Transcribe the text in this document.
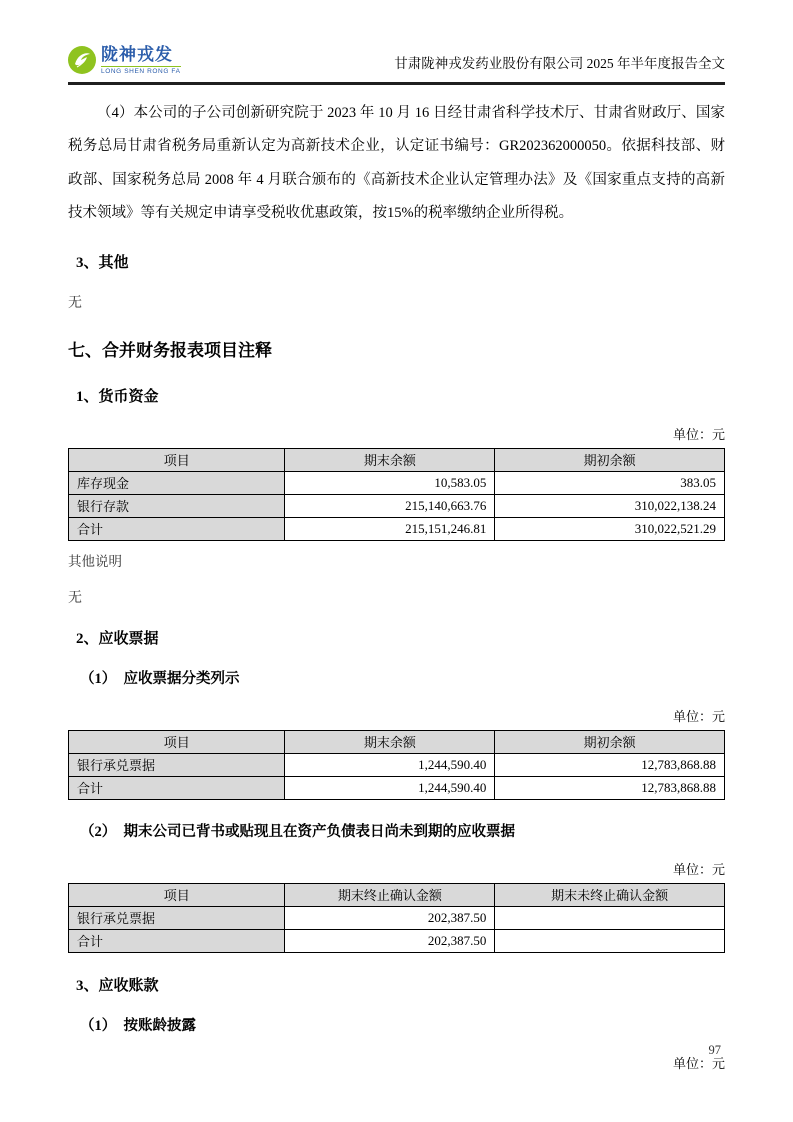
陇神戎发
LONG SHEN RONG FA
甘肃陇神戎发药业股份有限公司 2025 年半年度报告全文

（4）本公司的子公司创新研究院于 2023 年 10 月 16 日经甘肃省科学技术厅、甘肃省财政厅、国家税务总局甘肃省税务局重新认定为高新技术企业，认定证书编号：GR202362000050。依据科技部、财政部、国家税务总局 2008 年 4 月联合颁布的《高新技术企业认定管理办法》及《国家重点支持的高新技术领域》等有关规定申请享受税收优惠政策，按15%的税率缴纳企业所得税。

3、其他
无
七、合并财务报表项目注释
1、货币资金
单位：元
项目	期末余额	期初余额
库存现金	10,583.05	383.05
银行存款	215,140,663.76	310,022,138.24
合计	215,151,246.81	310,022,521.29
其他说明
无
2、应收票据
（1）　应收票据分类列示
单位：元
项目	期末余额	期初余额
银行承兑票据	1,244,590.40	12,783,868.88
合计	1,244,590.40	12,783,868.88
（2）　期末公司已背书或贴现且在资产负债表日尚未到期的应收票据
单位：元
项目	期末终止确认金额	期末未终止确认金额
银行承兑票据	202,387.50	
合计	202,387.50	
3、应收账款
（1）　按账龄披露
单位：元
97
